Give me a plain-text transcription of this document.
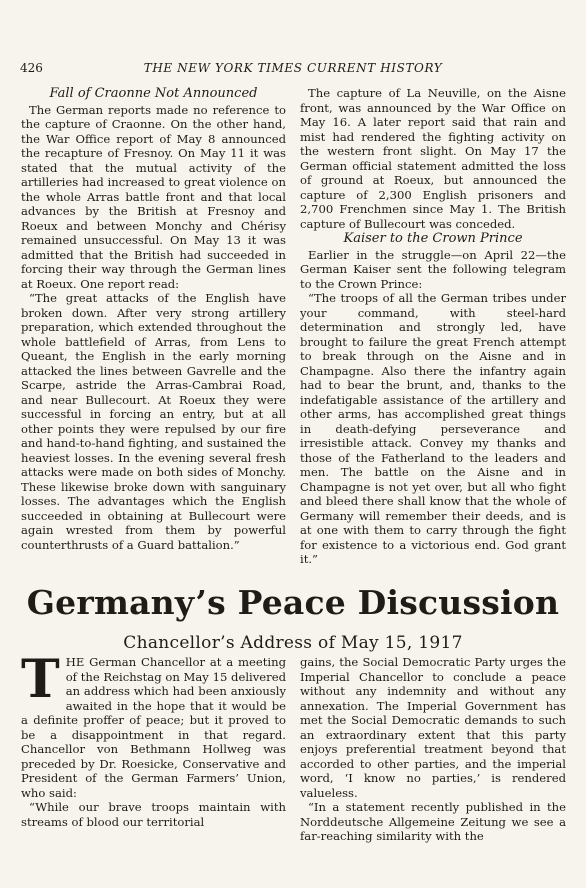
426	THE NEW YORK TIMES CURRENT HISTORY

Fall of Craonne Not Announced

The German reports made no reference to the capture of Craonne. On the other hand, the War Office report of May 8 announced the recapture of Fresnoy. On May 11 it was stated that the mutual activity of the artilleries had increased to great violence on the whole Arras battle front and that local advances by the British at Fresnoy and Roeux and between Monchy and Chérisy remained unsuccessful. On May 13 it was admitted that the British had succeeded in forcing their way through the German lines at Roeux. One report read:

“The great attacks of the English have broken down. After very strong artillery preparation, which extended throughout the whole battlefield of Arras, from Lens to Queant, the English in the early morning attacked the lines between Gavrelle and the Scarpe, astride the Arras-Cambrai Road, and near Bullecourt. At Roeux they were successful in forcing an entry, but at all other points they were repulsed by our fire and hand-to-hand fighting, and sustained the heaviest losses. In the evening several fresh attacks were made on both sides of Monchy. These likewise broke down with sanguinary losses. The advantages which the English succeeded in obtaining at Bullecourt were again wrested from them by powerful counterthrusts of a Guard battalion.”

The capture of La Neuville, on the Aisne front, was announced by the War Office on May 16. A later report said that rain and mist had rendered the fighting activity on the western front slight. On May 17 the German official statement admitted the loss of ground at Roeux, but announced the capture of 2,300 English prisoners and 2,700 Frenchmen since May 1. The British capture of Bullecourt was conceded.

Kaiser to the Crown Prince

Earlier in the struggle—on April 22—the German Kaiser sent the following telegram to the Crown Prince:

“The troops of all the German tribes under your command, with steel-hard determination and strongly led, have brought to failure the great French attempt to break through on the Aisne and in Champagne. Also there the infantry again had to bear the brunt, and, thanks to the indefatigable assistance of the artillery and other arms, has accomplished great things in death-defying perseverance and irresistible attack. Convey my thanks and those of the Fatherland to the leaders and men. The battle on the Aisne and in Champagne is not yet over, but all who fight and bleed there shall know that the whole of Germany will remember their deeds, and is at one with them to carry through the fight for existence to a victorious end. God grant it.”

Germany’s Peace Discussion
Chancellor’s Address of May 15, 1917

THE German Chancellor at a meeting of the Reichstag on May 15 delivered an address which had been anxiously awaited in the hope that it would be a definite proffer of peace; but it proved to be a disappointment in that regard. Chancellor von Bethmann Hollweg was preceded by Dr. Roesicke, Conservative and President of the German Farmers’ Union, who said:

“While our brave troops maintain with streams of blood our territorial

gains, the Social Democratic Party urges the Imperial Chancellor to conclude a peace without any indemnity and without any annexation. The Imperial Government has met the Social Democratic demands to such an extraordinary extent that this party enjoys preferential treatment beyond that accorded to other parties, and the imperial word, ‘I know no parties,’ is rendered valueless.

“In a statement recently published in the Norddeutsche Allgemeine Zeitung we see a far-reaching similarity with the
